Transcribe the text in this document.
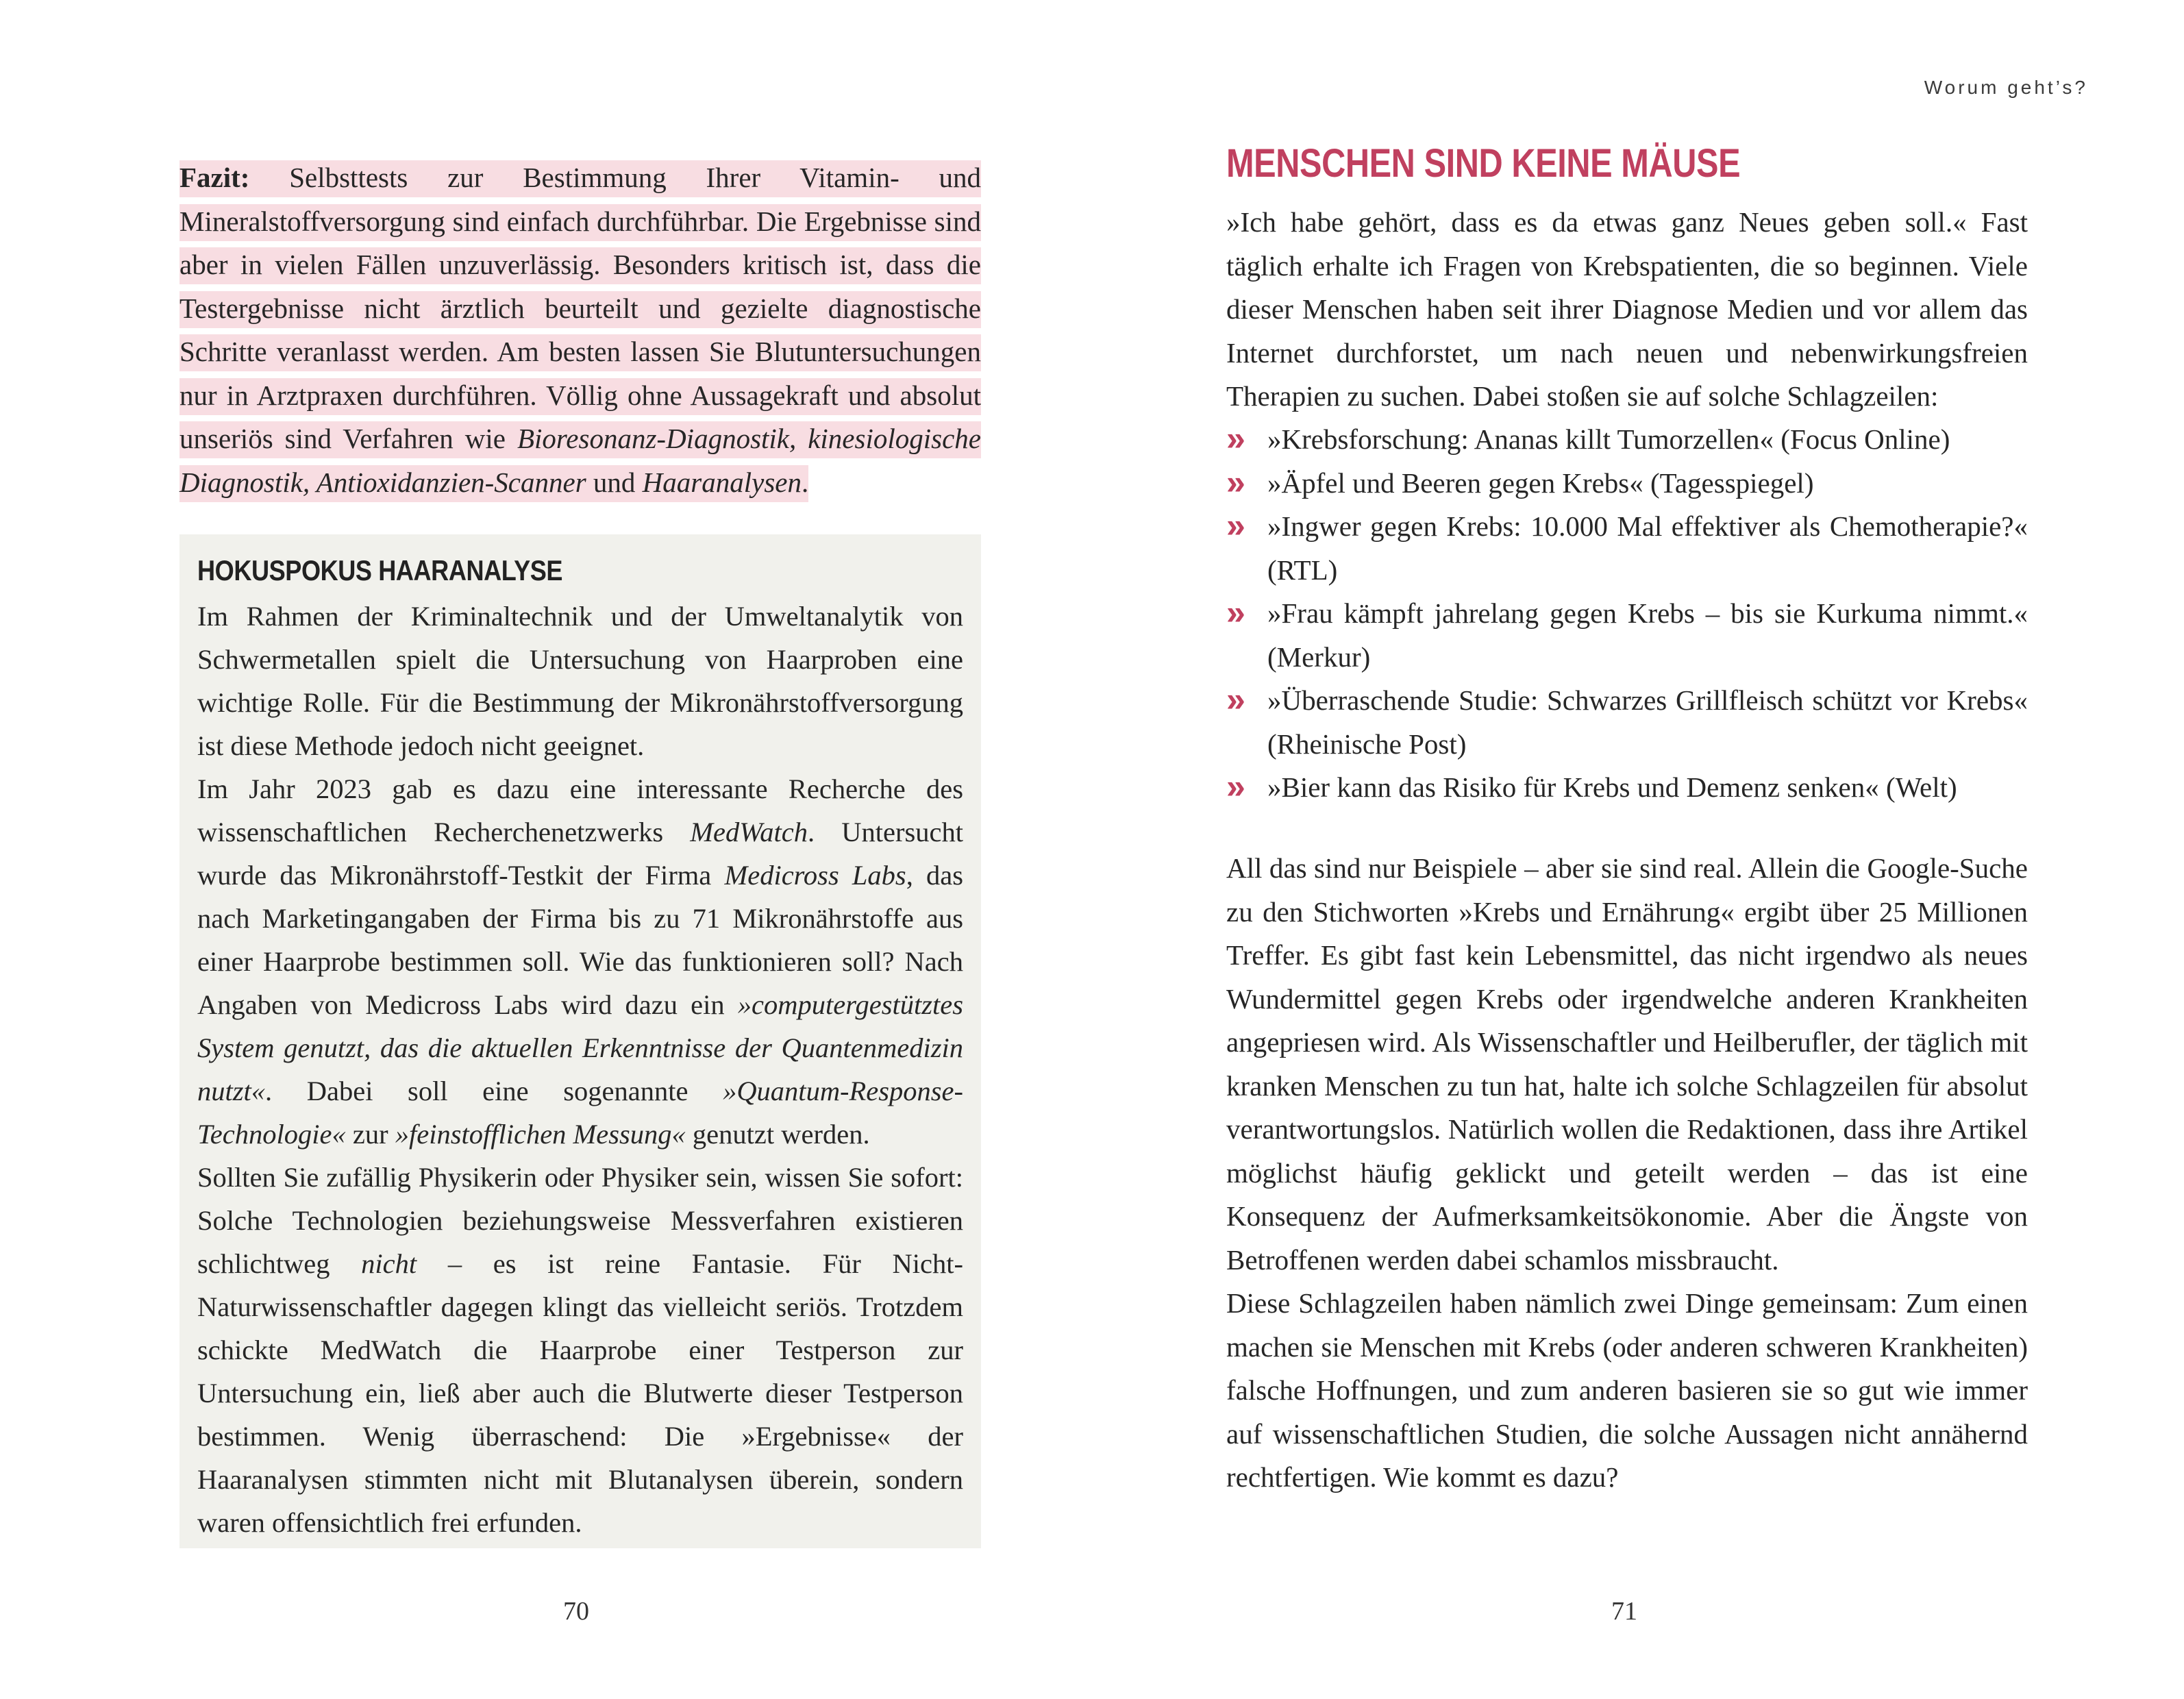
Fazit: Selbsttests zur Bestimmung Ihrer Vitamin- und Mineralstoffversorgung sind einfach durchführbar. Die Ergebnisse sind aber in vielen Fällen unzuverlässig. Besonders kritisch ist, dass die Testergebnisse nicht ärztlich beurteilt und gezielte diagnostische Schritte veranlasst werden. Am besten lassen Sie Blutuntersuchungen nur in Arztpraxen durchführen. Völlig ohne Aussagekraft und absolut unseriös sind Verfahren wie Bioresonanz-Diagnostik, kinesiologische Diagnostik, Antioxidanzien-Scanner und Haaranalysen.

HOKUSPOKUS HAARANALYSE

Im Rahmen der Kriminaltechnik und der Umweltanalytik von Schwermetallen spielt die Untersuchung von Haarproben eine wichtige Rolle. Für die Bestimmung der Mikronährstoffversorgung ist diese Methode jedoch nicht geeignet.

Im Jahr 2023 gab es dazu eine interessante Recherche des wissenschaftlichen Recherchenetzwerks MedWatch. Untersucht wurde das Mikronährstoff-Testkit der Firma Medicross Labs, das nach Marketingangaben der Firma bis zu 71 Mikronährstoffe aus einer Haarprobe bestimmen soll. Wie das funktionieren soll? Nach Angaben von Medicross Labs wird dazu ein »computergestütztes System genutzt, das die aktuellen Erkenntnisse der Quantenmedizin nutzt«. Dabei soll eine sogenannte »Quantum-Response-Technologie« zur »feinstofflichen Messung« genutzt werden.

Sollten Sie zufällig Physikerin oder Physiker sein, wissen Sie sofort: Solche Technologien beziehungsweise Messverfahren existieren schlichtweg nicht – es ist reine Fantasie. Für Nicht-Naturwissenschaftler dagegen klingt das vielleicht seriös. Trotzdem schickte MedWatch die Haarprobe einer Testperson zur Untersuchung ein, ließ aber auch die Blutwerte dieser Testperson bestimmen. Wenig überraschend: Die »Ergebnisse« der Haaranalysen stimmten nicht mit Blutanalysen überein, sondern waren offensichtlich frei erfunden.

70
Worum geht’s?
MENSCHEN SIND KEINE MÄUSE

»Ich habe gehört, dass es da etwas ganz Neues geben soll.« Fast täglich erhalte ich Fragen von Krebspatienten, die so beginnen. Viele dieser Menschen haben seit ihrer Diagnose Medien und vor allem das Internet durchforstet, um nach neuen und nebenwirkungsfreien Therapien zu suchen. Dabei stoßen sie auf solche Schlagzeilen:

» »Krebsforschung: Ananas killt Tumorzellen« (Focus Online)
» »Äpfel und Beeren gegen Krebs« (Tagesspiegel)
» »Ingwer gegen Krebs: 10.000 Mal effektiver als Chemotherapie?« (RTL)
» »Frau kämpft jahrelang gegen Krebs – bis sie Kurkuma nimmt.« (Merkur)
» »Überraschende Studie: Schwarzes Grillfleisch schützt vor Krebs« (Rheinische Post)
» »Bier kann das Risiko für Krebs und Demenz senken« (Welt)

All das sind nur Beispiele – aber sie sind real. Allein die Google-Suche zu den Stichworten »Krebs und Ernährung« ergibt über 25 Millionen Treffer. Es gibt fast kein Lebensmittel, das nicht irgendwo als neues Wundermittel gegen Krebs oder irgendwelche anderen Krankheiten angepriesen wird. Als Wissenschaftler und Heilberufler, der täglich mit kranken Menschen zu tun hat, halte ich solche Schlagzeilen für absolut verantwortungslos. Natürlich wollen die Redaktionen, dass ihre Artikel möglichst häufig geklickt und geteilt werden – das ist eine Konsequenz der Aufmerksamkeitsökonomie. Aber die Ängste von Betroffenen werden dabei schamlos missbraucht.

Diese Schlagzeilen haben nämlich zwei Dinge gemeinsam: Zum einen machen sie Menschen mit Krebs (oder anderen schweren Krankheiten) falsche Hoffnungen, und zum anderen basieren sie so gut wie immer auf wissenschaftlichen Studien, die solche Aussagen nicht annähernd rechtfertigen. Wie kommt es dazu?

71
